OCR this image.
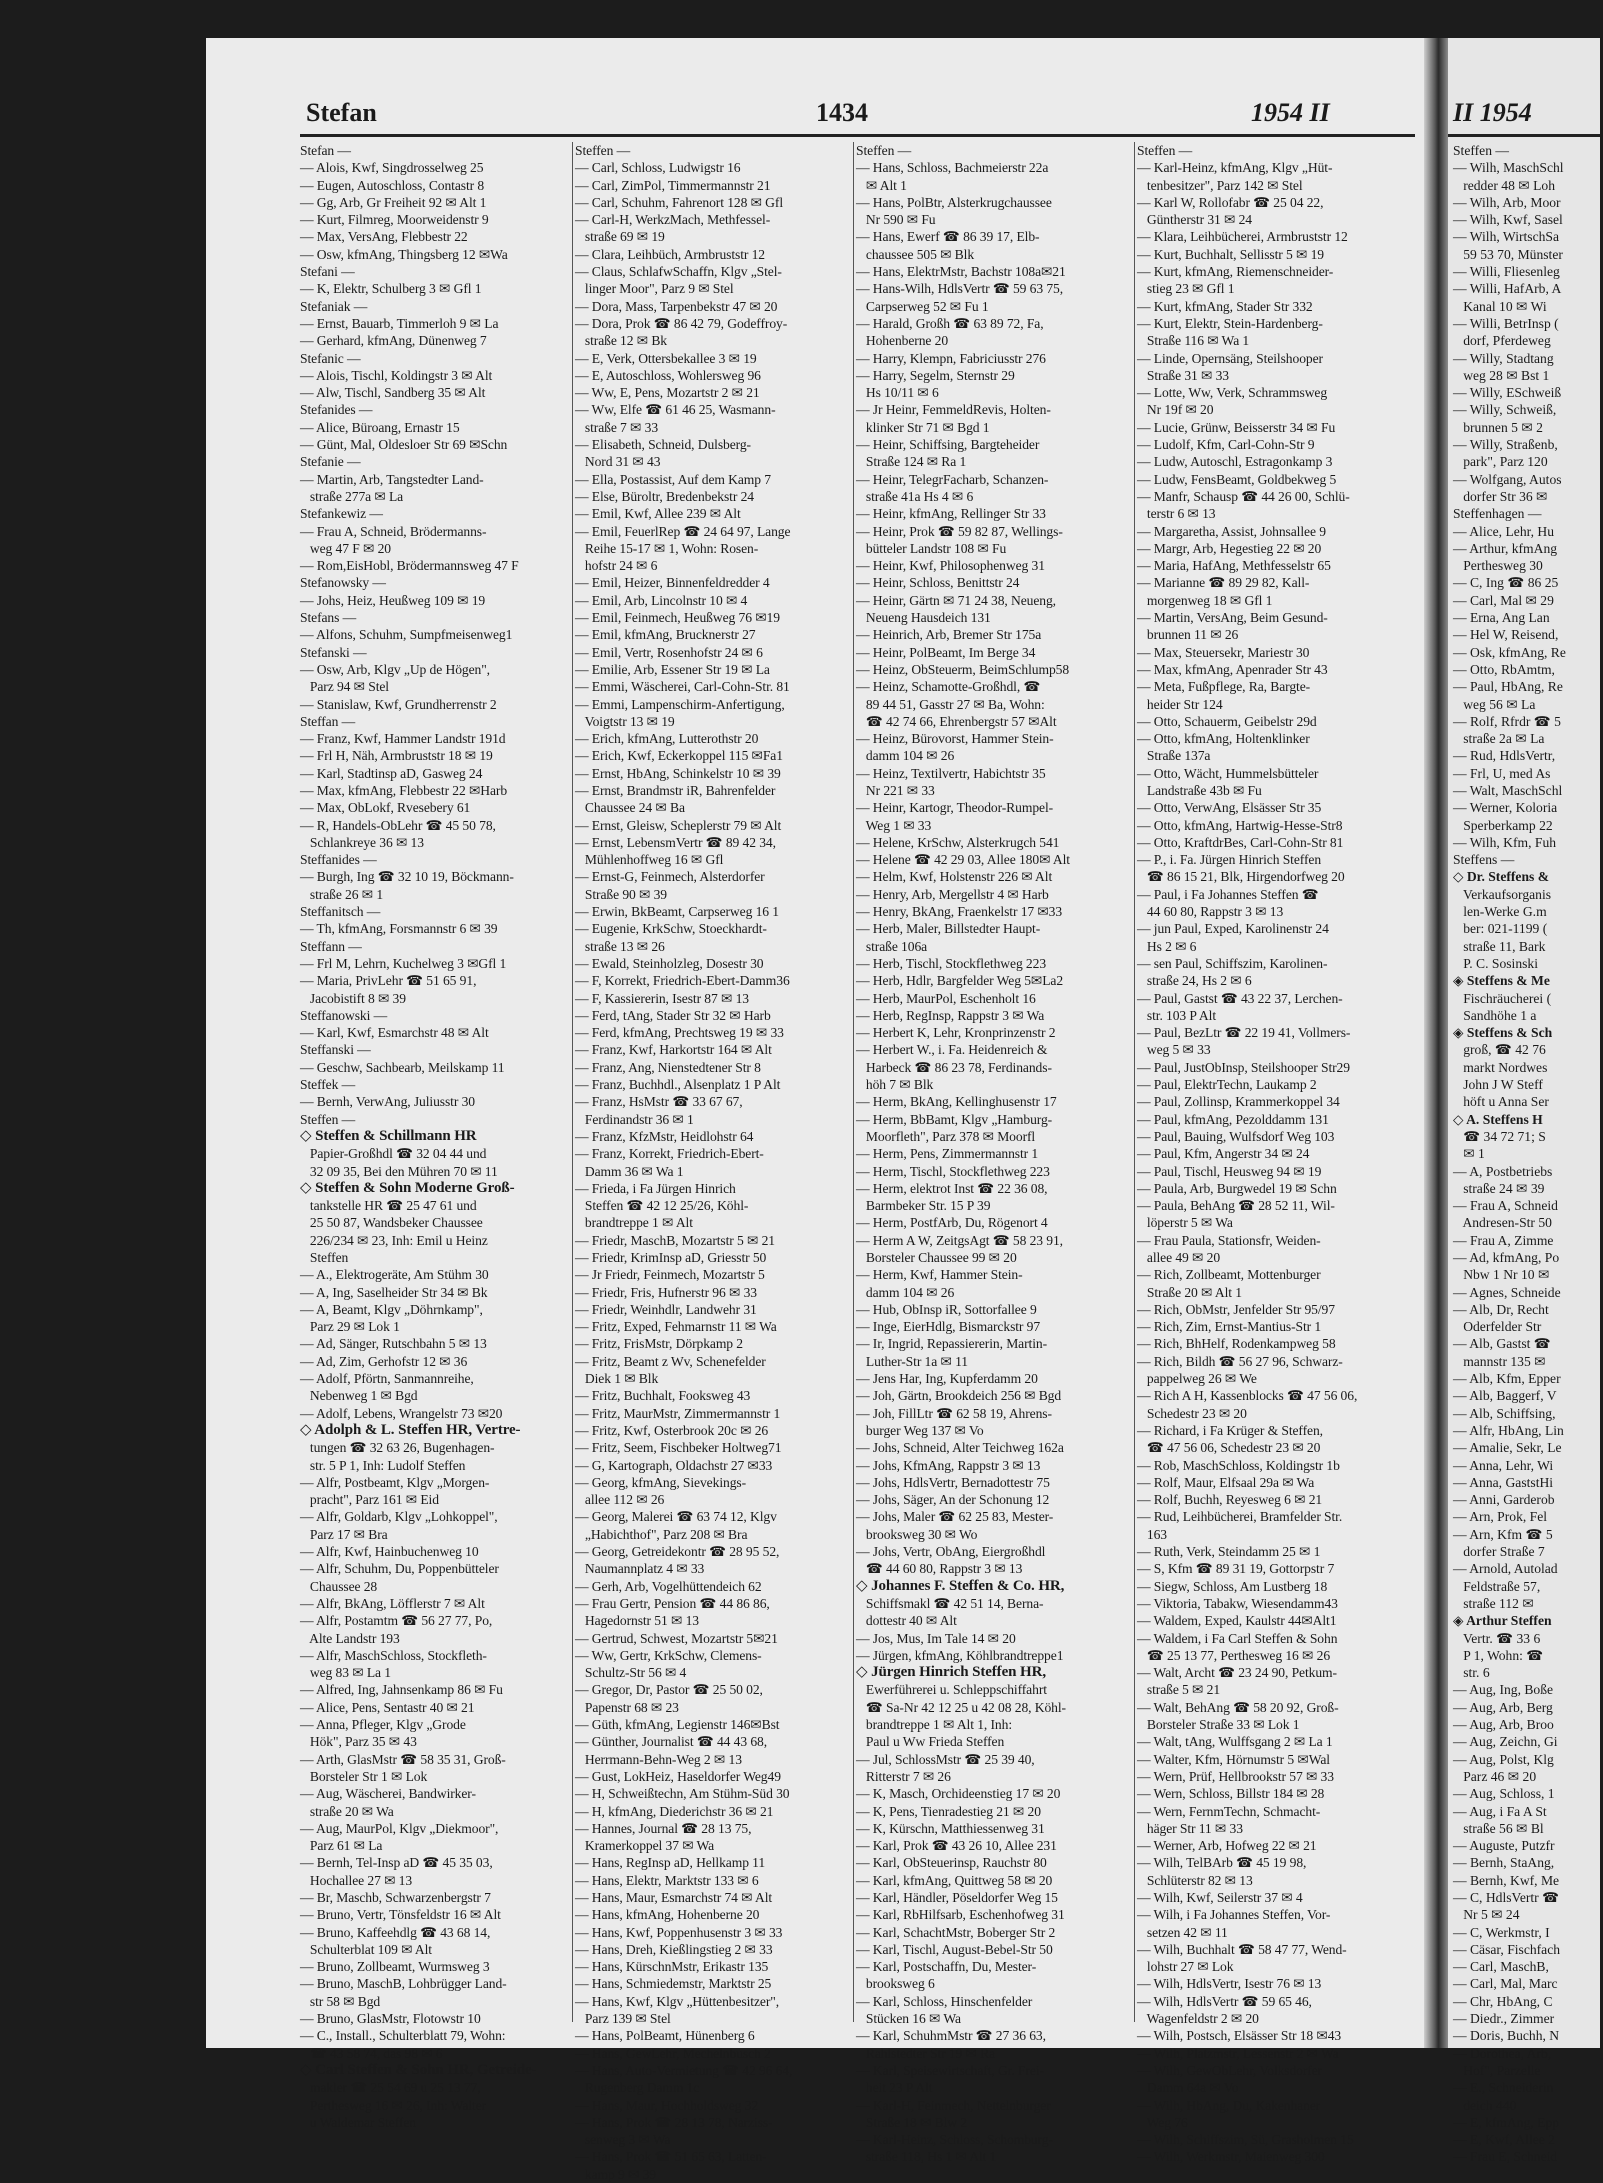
Stefan	1434	1954 II
Stefan —
— Alois, Kwf, Singdrosselweg 25
— Eugen, Autoschloss, Contastr 8
— Gg, Arb, Gr Freiheit 92 ✉ Alt 1
— Kurt, Filmreg, Moorweidenstr 9
— Max, VersAng, Flebbestr 22
— Osw, kfmAng, Thingsberg 12 ✉Wa
Stefani —
— K, Elektr, Schulberg 3 ✉ Gfl 1
Stefaniak —
— Ernst, Bauarb, Timmerloh 9 ✉ La
— Gerhard, kfmAng, Dünenweg 7
Stefanic —
— Alois, Tischl, Koldingstr 3 ✉ Alt
— Alw, Tischl, Sandberg 35 ✉ Alt
Stefanides —
— Alice, Büroang, Ernastr 15
— Günt, Mal, Oldesloer Str 69 ✉Schn
Stefanie —
— Martin, Arb, Tangstedter Land-
straße 277a ✉ La
Stefankewiz —
— Frau A, Schneid, Brödermanns-
weg 47 F ✉ 20
— Rom,EisHobl, Brödermannsweg 47 F
Stefanowsky —
— Johs, Heiz, Heußweg 109 ✉ 19
Stefans —
— Alfons, Schuhm, Sumpfmeisenweg1
Stefanski —
— Osw, Arb, Klgv „Up de Högen",
Parz 94 ✉ Stel
— Stanislaw, Kwf, Grundherrenstr 2
Steffan —
— Franz, Kwf, Hammer Landstr 191d
— Frl H, Näh, Armbruststr 18 ✉ 19
— Karl, Stadtinsp aD, Gasweg 24
— Max, kfmAng, Flebbestr 22 ✉Harb
— Max, ObLokf, Rvesebery 61
— R, Handels-ObLehr ☎ 45 50 78,
Schlankreye 36 ✉ 13
Steffanides —
— Burgh, Ing ☎ 32 10 19, Böckmann-
straße 26 ✉ 1
Steffanitsch —
— Th, kfmAng, Forsmannstr 6 ✉ 39
Steffann —
— Frl M, Lehrn, Kuchelweg 3 ✉Gfl 1
— Maria, PrivLehr ☎ 51 65 91,
Jacobistift 8 ✉ 39
Steffanowski —
— Karl, Kwf, Esmarchstr 48 ✉ Alt
Steffanski —
— Geschw, Sachbearb, Meilskamp 11
Steffek —
— Bernh, VerwAng, Juliusstr 30
Steffen —
◇ Steffen & Schillmann HR
Papier-Großhdl ☎ 32 04 44 und
32 09 35, Bei den Mühren 70 ✉ 11
◇ Steffen & Sohn Moderne Groß-
tankstelle HR ☎ 25 47 61 und
25 50 87, Wandsbeker Chaussee
226/234 ✉ 23, Inh: Emil u Heinz
Steffen
— A., Elektrogeräte, Am Stühm 30
— A, Ing, Saselheider Str 34 ✉ Bk
— A, Beamt, Klgv „Döhrnkamp",
Parz 29 ✉ Lok 1
— Ad, Sänger, Rutschbahn 5 ✉ 13
— Ad, Zim, Gerhofstr 12 ✉ 36
— Adolf, Pförtn, Sanmannreihe,
Nebenweg 1 ✉ Bgd
— Adolf, Lebens, Wrangelstr 73 ✉20
◇ Adolph & L. Steffen HR, Vertre-
tungen ☎ 32 63 26, Bugenhagen-
str. 5 P 1, Inh: Ludolf Steffen
— Alfr, Postbeamt, Klgv „Morgen-
pracht", Parz 161 ✉ Eid
— Alfr, Goldarb, Klgv „Lohkoppel",
Parz 17 ✉ Bra
— Alfr, Kwf, Hainbuchenweg 10
— Alfr, Schuhm, Du, Poppenbütteler
Chaussee 28
— Alfr, BkAng, Löfflerstr 7 ✉ Alt
— Alfr, Postamtm ☎ 56 27 77, Po,
Alte Landstr 193
— Alfr, MaschSchloss, Stockfleth-
weg 83 ✉ La 1
— Alfred, Ing, Jahnsenkamp 86 ✉ Fu
— Alice, Pens, Sentastr 40 ✉ 21
— Anna, Pfleger, Klgv „Grode
Hök", Parz 35 ✉ 43
— Arth, GlasMstr ☎ 58 35 31, Groß-
Borsteler Str 1 ✉ Lok
— Aug, Wäscherei, Bandwirker-
straße 20 ✉ Wa
— Aug, MaurPol, Klgv „Diekmoor",
Parz 61 ✉ La
— Bernh, Tel-Insp aD ☎ 45 35 03,
Hochallee 27 ✉ 13
— Br, Maschb, Schwarzenbergstr 7
— Bruno, Vertr, Tönsfeldstr 16 ✉ Alt
— Bruno, Kaffeehdlg ☎ 43 68 14,
Schulterblat 109 ✉ Alt
— Bruno, Zollbeamt, Wurmsweg 3
— Bruno, MaschB, Lohbrügger Land-
str 58 ✉ Bgd
— Bruno, GlasMstr, Flotowstr 10
— C., Install., Schulterblatt 79, Wohn:
☎ 43 58 74, das 98 ✉ 6
◇ Carl Steffen & Sohn HR, Getreide-
makler ☎ 25 54 69 u 25 13 77,
Perthesweg 16 ✉ 26, Inh: Walter
u Waldemar Steffen
Steffen —
— Carl, Schloss, Ludwigstr 16
— Carl, ZimPol, Timmermannstr 21
— Carl, Schuhm, Fahrenort 128 ✉ Gfl
— Carl-H, WerkzMach, Methfessel-
straße 69 ✉ 19
— Clara, Leihbüch, Armbruststr 12
— Claus, SchlafwSchaffn, Klgv „Stel-
linger Moor", Parz 9 ✉ Stel
— Dora, Mass, Tarpenbekstr 47 ✉ 20
— Dora, Prok ☎ 86 42 79, Godeffroy-
straße 12 ✉ Bk
— E, Verk, Ottersbekallee 3 ✉ 19
— E, Autoschloss, Wohlersweg 96
— Ww, E, Pens, Mozartstr 2 ✉ 21
— Ww, Elfe ☎ 61 46 25, Wasmann-
straße 7 ✉ 33
— Elisabeth, Schneid, Dulsberg-
Nord 31 ✉ 43
— Ella, Postassist, Auf dem Kamp 7
— Else, Büroltr, Bredenbekstr 24
— Emil, Kwf, Allee 239 ✉ Alt
— Emil, FeuerlRep ☎ 24 64 97, Lange
Reihe 15-17 ✉ 1, Wohn: Rosen-
hofstr 24 ✉ 6
— Emil, Heizer, Binnenfeldredder 4
— Emil, Arb, Lincolnstr 10 ✉ 4
— Emil, Feinmech, Heußweg 76 ✉19
— Emil, kfmAng, Brucknerstr 27
— Emil, Vertr, Rosenhofstr 24 ✉ 6
— Emilie, Arb, Essener Str 19 ✉ La
— Emmi, Wäscherei, Carl-Cohn-Str. 81
— Emmi, Lampenschirm-Anfertigung,
Voigtstr 13 ✉ 19
— Erich, kfmAng, Lutterothstr 20
— Erich, Kwf, Eckerkoppel 115 ✉Fa1
— Ernst, HbAng, Schinkelstr 10 ✉ 39
— Ernst, Brandmstr iR, Bahrenfelder
Chaussee 24 ✉ Ba
— Ernst, Gleisw, Scheplerstr 79 ✉ Alt
— Ernst, LebensmVertr ☎ 89 42 34,
Mühlenhoffweg 16 ✉ Gfl
— Ernst-G, Feinmech, Alsterdorfer
Straße 90 ✉ 39
— Erwin, BkBeamt, Carpserweg 16 1
— Eugenie, KrkSchw, Stoeckhardt-
straße 13 ✉ 26
— Ewald, Steinholzleg, Dosestr 30
— F, Korrekt, Friedrich-Ebert-Damm36
— F, Kassiererin, Isestr 87 ✉ 13
— Ferd, tAng, Stader Str 32 ✉ Harb
— Ferd, kfmAng, Prechtsweg 19 ✉ 33
— Franz, Kwf, Harkortstr 164 ✉ Alt
— Franz, Ang, Nienstedtener Str 8
— Franz, Buchhdl., Alsenplatz 1 P Alt
— Franz, HsMstr ☎ 33 67 67,
Ferdinandstr 36 ✉ 1
— Franz, KfzMstr, Heidlohstr 64
— Franz, Korrekt, Friedrich-Ebert-
Damm 36 ✉ Wa 1
— Frieda, i Fa Jürgen Hinrich
Steffen ☎ 42 12 25/26, Köhl-
brandtreppe 1 ✉ Alt
— Friedr, MaschB, Mozartstr 5 ✉ 21
— Friedr, KrimInsp aD, Griesstr 50
— Jr Friedr, Feinmech, Mozartstr 5
— Friedr, Fris, Hufnerstr 96 ✉ 33
— Friedr, Weinhdlr, Landwehr 31
— Fritz, Exped, Fehmarnstr 11 ✉ Wa
— Fritz, FrisMstr, Dörpkamp 2
— Fritz, Beamt z Wv, Schenefelder
Diek 1 ✉ Blk
— Fritz, Buchhalt, Fooksweg 43
— Fritz, MaurMstr, Zimmermannstr 1
— Fritz, Kwf, Osterbrook 20c ✉ 26
— Fritz, Seem, Fischbeker Holtweg71
— G, Kartograph, Oldachstr 27 ✉33
— Georg, kfmAng, Sievekings-
allee 112 ✉ 26
— Georg, Malerei ☎ 63 74 12, Klgv
„Habichthof", Parz 208 ✉ Bra
— Georg, Getreidekontr ☎ 28 95 52,
Naumannplatz 4 ✉ 33
— Gerh, Arb, Vogelhüttendeich 62
— Frau Gertr, Pension ☎ 44 86 86,
Hagedornstr 51 ✉ 13
— Gertrud, Schwest, Mozartstr 5✉21
— Ww, Gertr, KrkSchw, Clemens-
Schultz-Str 56 ✉ 4
— Gregor, Dr, Pastor ☎ 25 50 02,
Papenstr 68 ✉ 23
— Güth, kfmAng, Legienstr 146✉Bst
— Günther, Journalist ☎ 44 43 68,
Herrmann-Behn-Weg 2 ✉ 13
— Gust, LokHeiz, Haseldorfer Weg49
— H, Schweißtechn, Am Stühm-Süd 30
— H, kfmAng, Diederichstr 36 ✉ 21
— Hannes, Journal ☎ 28 13 75,
Kramerkoppel 37 ✉ Wa
— Hans, RegInsp aD, Hellkamp 11
— Hans, Elektr, Marktstr 133 ✉ 6
— Hans, Maur, Esmarchstr 74 ✉ Alt
— Hans, kfmAng, Hohenberne 20
— Hans, Kwf, Poppenhusenstr 3 ✉ 33
— Hans, Dreh, Kießlingstieg 2 ✉ 33
— Hans, KürschnMstr, Erikastr 135
— Hans, Schmiedemstr, Marktstr 25
— Hans, Kwf, Klgv „Hüttenbesitzer",
Parz 139 ✉ Stel
— Hans, PolBeamt, Hünenberg 6
— Hans, GewLehr, Mechelnbusch 2
— Hans, Auto-Vermietung ☎ 42 96 64,
Rugenberg Damm 1c
— Hans, Maur, Hochholdsweg 32
— Hans, Prok ☎ 28 13 78, Narziss-
senweg 3 ✉ Wa
— Hans, Prok ☎ 51 65 63, Latten-
kamp 9 ✉ 39
Steffen —
— Hans, Schloss, Bachmeierstr 22a
✉ Alt 1
— Hans, PolBtr, Alsterkrugchaussee
Nr 590 ✉ Fu
— Hans, Ewerf ☎ 86 39 17, Elb-
chaussee 505 ✉ Blk
— Hans, ElektrMstr, Bachstr 108a✉21
— Hans-Wilh, HdlsVertr ☎ 59 63 75,
Carpserweg 52 ✉ Fu 1
— Harald, Großh ☎ 63 89 72, Fa,
Hohenberne 20
— Harry, Klempn, Fabriciusstr 276
— Harry, Segelm, Sternstr 29
Hs 10/11 ✉ 6
— Jr Heinr, FemmeldRevis, Holten-
klinker Str 71 ✉ Bgd 1
— Heinr, Schiffsing, Bargteheider
Straße 124 ✉ Ra 1
— Heinr, TelegrFacharb, Schanzen-
straße 41a Hs 4 ✉ 6
— Heinr, kfmAng, Rellinger Str 33
— Heinr, Prok ☎ 59 82 87, Wellings-
bütteler Landstr 108 ✉ Fu
— Heinr, Kwf, Philosophenweg 31
— Heinr, Schloss, Benittstr 24
— Heinr, Gärtn ✉ 71 24 38, Neueng,
Neueng Hausdeich 131
— Heinrich, Arb, Bremer Str 175a
— Heinr, PolBeamt, Im Berge 34
— Heinz, ObSteuerm, BeimSchlump58
— Heinz, Schamotte-Großhdl, ☎
89 44 51, Gasstr 27 ✉ Ba, Wohn:
☎ 42 74 66, Ehrenbergstr 57 ✉Alt
— Heinz, Bürovorst, Hammer Stein-
damm 104 ✉ 26
— Heinz, Textilvertr, Habichtstr 35
Nr 221 ✉ 33
— Heinr, Kartogr, Theodor-Rumpel-
Weg 1 ✉ 33
— Helene, KrSchw, Alsterkrugch 541
— Helene ☎ 42 29 03, Allee 180✉ Alt
— Helm, Kwf, Holstenstr 226 ✉ Alt
— Henry, Arb, Mergellstr 4 ✉ Harb
— Henry, BkAng, Fraenkelstr 17 ✉33
— Herb, Maler, Billstedter Haupt-
straße 106a
— Herb, Tischl, Stockflethweg 223
— Herb, Hdlr, Bargfelder Weg 5✉La2
— Herb, MaurPol, Eschenholt 16
— Herb, RegInsp, Rappstr 3 ✉ Wa
— Herbert K, Lehr, Kronprinzenstr 2
— Herbert W., i. Fa. Heidenreich &
Harbeck ☎ 86 23 78, Ferdinands-
höh 7 ✉ Blk
— Herm, BkAng, Kellinghusenstr 17
— Herm, BbBamt, Klgv „Hamburg-
Moorfleth", Parz 378 ✉ Moorfl
— Herm, Pens, Zimmermannstr 1
— Herm, Tischl, Stockflethweg 223
— Herm, elektrot Inst ☎ 22 36 08,
Barmbeker Str. 15 P 39
— Herm, PostfArb, Du, Rögenort 4
— Herm A W, ZeitgsAgt ☎ 58 23 91,
Borsteler Chaussee 99 ✉ 20
— Herm, Kwf, Hammer Stein-
damm 104 ✉ 26
— Hub, ObInsp iR, Sottorfallee 9
— Inge, EierHdlg, Bismarckstr 97
— Ir, Ingrid, Repassiererin, Martin-
Luther-Str 1a ✉ 11
— Jens Har, Ing, Kupferdamm 20
— Joh, Gärtn, Brookdeich 256 ✉ Bgd
— Joh, FillLtr ☎ 62 58 19, Ahrens-
burger Weg 137 ✉ Vo
— Johs, Schneid, Alter Teichweg 162a
— Johs, KfmAng, Rappstr 3 ✉ 13
— Johs, HdlsVertr, Bernadottestr 75
— Johs, Säger, An der Schonung 12
— Johs, Maler ☎ 62 25 83, Mester-
brooksweg 30 ✉ Wo
— Johs, Vertr, ObAng, Eiergroßhdl
☎ 44 60 80, Rappstr 3 ✉ 13
◇ Johannes F. Steffen & Co. HR,
Schiffsmakl ☎ 42 51 14, Berna-
dottestr 40 ✉ Alt
— Jos, Mus, Im Tale 14 ✉ 20
— Jürgen, kfmAng, Köhlbrandtreppe1
◇ Jürgen Hinrich Steffen HR,
Ewerführerei u. Schleppschiffahrt
☎ Sa-Nr 42 12 25 u 42 08 28, Köhl-
brandtreppe 1 ✉ Alt 1, Inh:
Paul u Ww Frieda Steffen
— Jul, SchlossMstr ☎ 25 39 40,
Ritterstr 7 ✉ 26
— K, Masch, Orchideenstieg 17 ✉ 20
— K, Pens, Tienradestieg 21 ✉ 20
— K, Kürschn, Matthiessenweg 31
— Karl, Prok ☎ 43 26 10, Allee 231
— Karl, ObSteuerinsp, Rauchstr 80
— Karl, kfmAng, Quittweg 58 ✉ 20
— Karl, Händler, Pöseldorfer Weg 15
— Karl, RbHilfsarb, Eschenhofweg 31
— Karl, SchachtMstr, Boberger Str 2
— Karl, Tischl, August-Bebel-Str 50
— Karl, Postschaffn, Du, Mester-
brooksweg 6
— Karl, Schloss, Hinschenfelder
Stücken 16 ✉ Wa
— Karl, SchuhmMstr ☎ 27 36 63,
Rahlstedter Str 19 ✉ Ra
— Karl, Speisewirtschaft, Gr. Frei-
heit 23 P Alt
— Karl-H, Feinmech, Nettelnburger
Straße 18 ✉ Blw 2
— Karl-Heinz, Schloss, Schomburg-
straße 118, Hs 1 ✉ Alt 1
Steffen —
— Karl-Heinz, kfmAng, Klgv „Hüt-
tenbesitzer", Parz 142 ✉ Stel
— Karl W, Rollofabr ☎ 25 04 22,
Güntherstr 31 ✉ 24
— Klara, Leihbücherei, Armbruststr 12
— Kurt, Buchhalt, Sellisstr 5 ✉ 19
— Kurt, kfmAng, Riemenschneider-
stieg 23 ✉ Gfl 1
— Kurt, kfmAng, Stader Str 332
— Kurt, Elektr, Stein-Hardenberg-
Straße 116 ✉ Wa 1
— Linde, Opernsäng, Steilshooper
Straße 31 ✉ 33
— Lotte, Ww, Verk, Schrammsweg
Nr 19f ✉ 20
— Lucie, Grünw, Beisserstr 34 ✉ Fu
— Ludolf, Kfm, Carl-Cohn-Str 9
— Ludw, Autoschl, Estragonkamp 3
— Ludw, FensBeamt, Goldbekweg 5
— Manfr, Schausp ☎ 44 26 00, Schlü-
terstr 6 ✉ 13
— Margaretha, Assist, Johnsallee 9
— Margr, Arb, Hegestieg 22 ✉ 20
— Maria, HafAng, Methfesselstr 65
— Marianne ☎ 89 29 82, Kall-
morgenweg 18 ✉ Gfl 1
— Martin, VersAng, Beim Gesund-
brunnen 11 ✉ 26
— Max, Steuersekr, Mariestr 30
— Max, kfmAng, Apenrader Str 43
— Meta, Fußpflege, Ra, Bargte-
heider Str 124
— Otto, Schauerm, Geibelstr 29d
— Otto, kfmAng, Holtenklinker
Straße 137a
— Otto, Wächt, Hummelsbütteler
Landstraße 43b ✉ Fu
— Otto, VerwAng, Elsässer Str 35
— Otto, kfmAng, Hartwig-Hesse-Str8
— Otto, KraftdrBes, Carl-Cohn-Str 81
— P., i. Fa. Jürgen Hinrich Steffen
☎ 86 15 21, Blk, Hirgendorfweg 20
— Paul, i Fa Johannes Steffen ☎
44 60 80, Rappstr 3 ✉ 13
— jun Paul, Exped, Karolinenstr 24
Hs 2 ✉ 6
— sen Paul, Schiffszim, Karolinen-
straße 24, Hs 2 ✉ 6
— Paul, Gastst ☎ 43 22 37, Lerchen-
str. 103 P Alt
— Paul, BezLtr ☎ 22 19 41, Vollmers-
weg 5 ✉ 33
— Paul, JustObInsp, Steilshooper Str29
— Paul, ElektrTechn, Laukamp 2
— Paul, Zollinsp, Krammerkoppel 34
— Paul, kfmAng, Pezolddamm 131
— Paul, Bauing, Wulfsdorf Weg 103
— Paul, Kfm, Angerstr 34 ✉ 24
— Paul, Tischl, Heusweg 94 ✉ 19
— Paula, Arb, Burgwedel 19 ✉ Schn
— Paula, BehAng ☎ 28 52 11, Wil-
löperstr 5 ✉ Wa
— Frau Paula, Stationsfr, Weiden-
allee 49 ✉ 20
— Rich, Zollbeamt, Mottenburger
Straße 20 ✉ Alt 1
— Rich, ObMstr, Jenfelder Str 95/97
— Rich, Zim, Ernst-Mantius-Str 1
— Rich, BhHelf, Rodenkampweg 58
— Rich, Bildh ☎ 56 27 96, Schwarz-
pappelweg 26 ✉ We
— Rich A H, Kassenblocks ☎ 47 56 06,
Schedestr 23 ✉ 20
— Richard, i Fa Krüger & Steffen,
☎ 47 56 06, Schedestr 23 ✉ 20
— Rob, MaschSchloss, Koldingstr 1b
— Rolf, Maur, Elfsaal 29a ✉ Wa
— Rolf, Buchh, Reyesweg 6 ✉ 21
— Rud, Leihbücherei, Bramfelder Str.
163
— Ruth, Verk, Steindamm 25 ✉ 1
— S, Kfm ☎ 89 31 19, Gottorpstr 7
— Siegw, Schloss, Am Lustberg 18
— Viktoria, Tabakw, Wiesendamm43
— Waldem, Exped, Kaulstr 44✉Alt1
— Waldem, i Fa Carl Steffen & Sohn
☎ 25 13 77, Perthesweg 16 ✉ 26
— Walt, Archt ☎ 23 24 90, Petkum-
straße 5 ✉ 21
— Walt, BehAng ☎ 58 20 92, Groß-
Borsteler Straße 33 ✉ Lok 1
— Walt, tAng, Wulffsgang 2 ✉ La 1
— Walter, Kfm, Hörnumstr 5 ✉Wal
— Wern, Prüf, Hellbrookstr 57 ✉ 33
— Wern, Schloss, Billstr 184 ✉ 28
— Wern, FernmTechn, Schmacht-
häger Str 11 ✉ 33
— Werner, Arb, Hofweg 22 ✉ 21
— Wilh, TelBArb ☎ 45 19 98,
Schlüterstr 82 ✉ 13
— Wilh, Kwf, Seilerstr 37 ✉ 4
— Wilh, i Fa Johannes Steffen, Vor-
setzen 42 ✉ 11
— Wilh, Buchhalt ☎ 58 47 77, Wend-
lohstr 27 ✉ Lok
— Wilh, HdlsVertr, Isestr 76 ✉ 13
— Wilh, HdlsVertr ☎ 59 65 46,
Wagenfeldstr 2 ✉ 20
— Wilh, Postsch, Elsässer Str 18 ✉43
— Wilh, Platzmstr, Lessenstr 2 ✉ Wa
— Wilh, GewObLehr, Volksdorfer
Damm 64a ✉ Vo
— Wilh, HbAng, Du, Kakenhaner
Weg 76
— Wilh, Schiffszim, Sü, Grasholmen 15
— Wilh, Werkmstr, Maienweg 300
II 1954
Steffen —
— Wilh, MaschSchl
redder 48 ✉ Loh
— Wilh, Arb, Moor
— Wilh, Kwf, Sasel
— Wilh, WirtschSa
59 53 70, Münster
— Willi, Fliesenleg
— Willi, HafArb, A
Kanal 10 ✉ Wi
— Willi, BetrInsp (
dorf, Pferdeweg
— Willy, Stadtang
weg 28 ✉ Bst 1
— Willy, ESchweiß
— Willy, Schweiß,
brunnen 5 ✉ 2
— Willy, Straßenb,
park", Parz 120
— Wolfgang, Autos
dorfer Str 36 ✉
Steffenhagen —
— Alice, Lehr, Hu
— Arthur, kfmAng
Perthesweg 30
— C, Ing ☎ 86 25
— Carl, Mal ✉ 29
— Erna, Ang Lan
— Hel W, Reisend,
— Osk, kfmAng, Re
— Otto, RbAmtm,
— Paul, HbAng, Re
weg 56 ✉ La
— Rolf, Rfrdr ☎ 5
straße 2a ✉ La
— Rud, HdlsVertr,
— Frl, U, med As
— Walt, MaschSchl
— Werner, Koloria
Sperberkamp 22
— Wilh, Kfm, Fuh
Steffens —
◇ Dr. Steffens &
Verkaufsorganis
len-Werke G.m
ber: 021-1199 (
straße 11, Bark
P. C. Sosinski
◈ Steffens & Me
Fischräucherei (
Sandhöhe 1 a
◈ Steffens & Sch
groß, ☎ 42 76
markt Nordwes
John J W Steff
höft u Anna Ser
◇ A. Steffens H
☎ 34 72 71; S
✉ 1
— A, Postbetriebs
straße 24 ✉ 39
— Frau A, Schneid
Andresen-Str 50
— Frau A, Zimme
— Ad, kfmAng, Po
Nbw 1 Nr 10 ✉
— Agnes, Schneide
— Alb, Dr, Recht
Oderfelder Str
— Alb, Gastst ☎
mannstr 135 ✉
— Alb, Kfm, Epper
— Alb, Baggerf, V
— Alb, Schiffsing,
— Alfr, HbAng, Lin
— Amalie, Sekr, Le
— Anna, Lehr, Wi
— Anna, GaststHi
— Anni, Garderob
— Arn, Prok, Fel
— Arn, Kfm ☎ 5
dorfer Straße 7
— Arnold, Autolad
Feldstraße 57,
straße 112 ✉
◈ Arthur Steffen
Vertr. ☎ 33 6
P 1, Wohn: ☎
str. 6
— Aug, Ing, Boße
— Aug, Arb, Berg
— Aug, Arb, Broo
— Aug, Zeichn, Gi
— Aug, Polst, Klg
Parz 46 ✉ 20
— Aug, Schloss, 1
— Aug, i Fa A St
straße 56 ✉ Bl
— Auguste, Putzfr
— Bernh, StaAng,
— Bernh, Kwf, Me
— C, HdlsVertr ☎
Nr 5 ✉ 24
— C, Werkmstr, I
— Cäsar, Fischfach
— Carl, MaschB,
— Carl, Mal, Marc
— Chr, HbAng, C
— Diedr., Zimmer
— Doris, Buchh, N
— Dorothea, Arb,
Hof", Parzelle
— E., Schneiderin
deich 440
— E, kfmAng, Epp
— E, Kwf, Allee 2
— Frau E, Schneid
